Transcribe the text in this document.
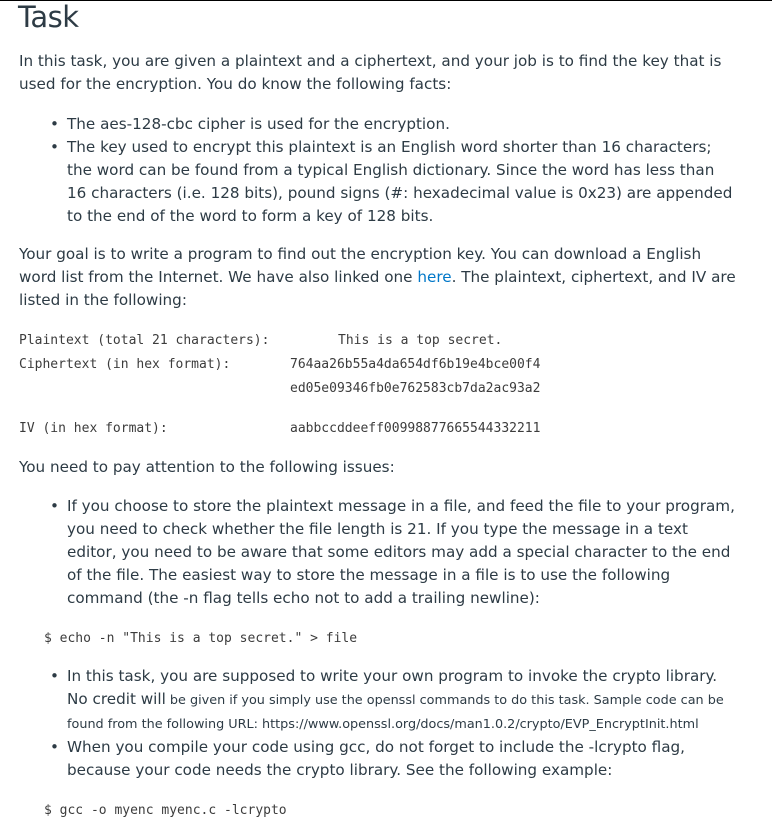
Task

In this task, you are given a plaintext and a ciphertext, and your job is to find the key that is used for the encryption. You do know the following facts:

• The aes-128-cbc cipher is used for the encryption.
• The key used to encrypt this plaintext is an English word shorter than 16 characters; the word can be found from a typical English dictionary. Since the word has less than 16 characters (i.e. 128 bits), pound signs (#: hexadecimal value is 0x23) are appended to the end of the word to form a key of 128 bits.

Your goal is to write a program to find out the encryption key. You can download a English word list from the Internet. We have also linked one here. The plaintext, ciphertext, and IV are listed in the following:

Plaintext (total 21 characters):	This is a top secret.
Ciphertext (in hex format):	764aa26b55a4da654df6b19e4bce00f4
ed05e09346fb0e762583cb7da2ac93a2
IV (in hex format):	aabbccddeeff00998877665544332211

You need to pay attention to the following issues:

• If you choose to store the plaintext message in a file, and feed the file to your program, you need to check whether the file length is 21. If you type the message in a text editor, you need to be aware that some editors may add a special character to the end of the file. The easiest way to store the message in a file is to use the following command (the -n flag tells echo not to add a trailing newline):
$ echo -n "This is a top secret." > file
• In this task, you are supposed to write your own program to invoke the crypto library. No credit will be given if you simply use the openssl commands to do this task. Sample code can be found from the following URL: https://www.openssl.org/docs/man1.0.2/crypto/EVP_EncryptInit.html
• When you compile your code using gcc, do not forget to include the -lcrypto flag, because your code needs the crypto library. See the following example:
$ gcc -o myenc myenc.c -lcrypto
